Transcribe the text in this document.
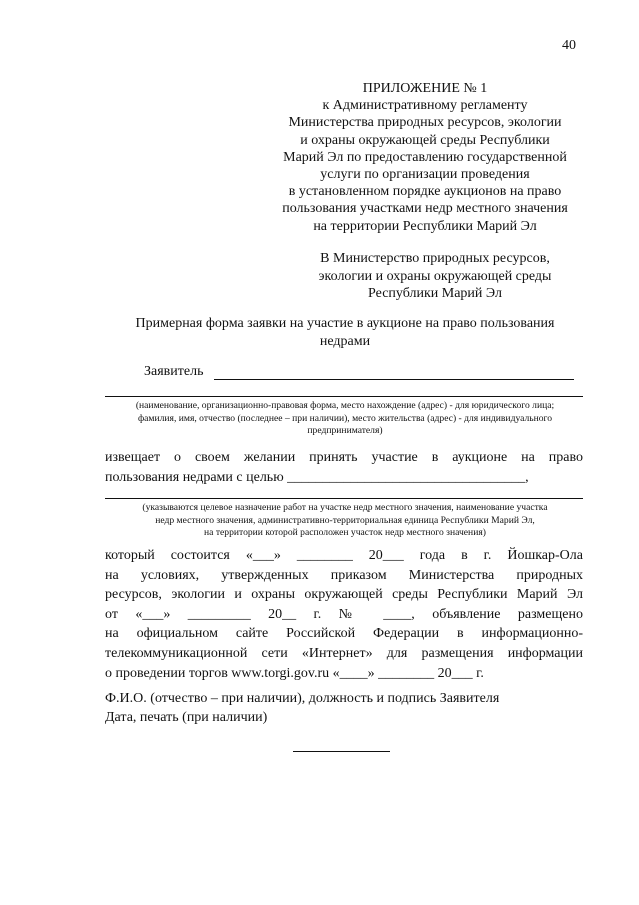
40
ПРИЛОЖЕНИЕ № 1
к Административному регламенту
Министерства природных ресурсов, экологии
и охраны окружающей среды Республики
Марий Эл по предоставлению государственной
услуги по организации проведения
в установленном порядке аукционов на право
пользования участками недр местного значения
на территории Республики Марий Эл
В Министерство природных ресурсов,
экологии и охраны окружающей среды
Республики Марий Эл
Примерная форма заявки на участие в аукционе на право пользования
недрами
Заявитель
(наименование, организационно-правовая форма, место нахождение (адрес) - для юридического лица;
фамилия, имя, отчество (последнее – при наличии), место жительства (адрес) - для индивидуального
предпринимателя)
извещает о своем желании принять участие в аукционе на право
пользования недрами с целью __________________________________,
(указываются целевое назначение работ на участке недр местного значения, наименование участка
недр местного значения, административно-территориальная единица Республики Марий Эл,
на территории которой расположен участок недр местного значения)
который состоится «___» ________ 20___ года в г. Йошкар-Ола
на условиях, утвержденных приказом Министерства природных
ресурсов, экологии и охраны окружающей среды Республики Марий Эл
от «___» _________ 20__ г. № ____, объявление размещено
на официальном сайте Российской Федерации в информационно-
телекоммуникационной сети «Интернет» для размещения информации
о проведении торгов www.torgi.gov.ru «____» ________ 20___ г.
Ф.И.О. (отчество – при наличии), должность и подпись Заявителя
Дата, печать (при наличии)
